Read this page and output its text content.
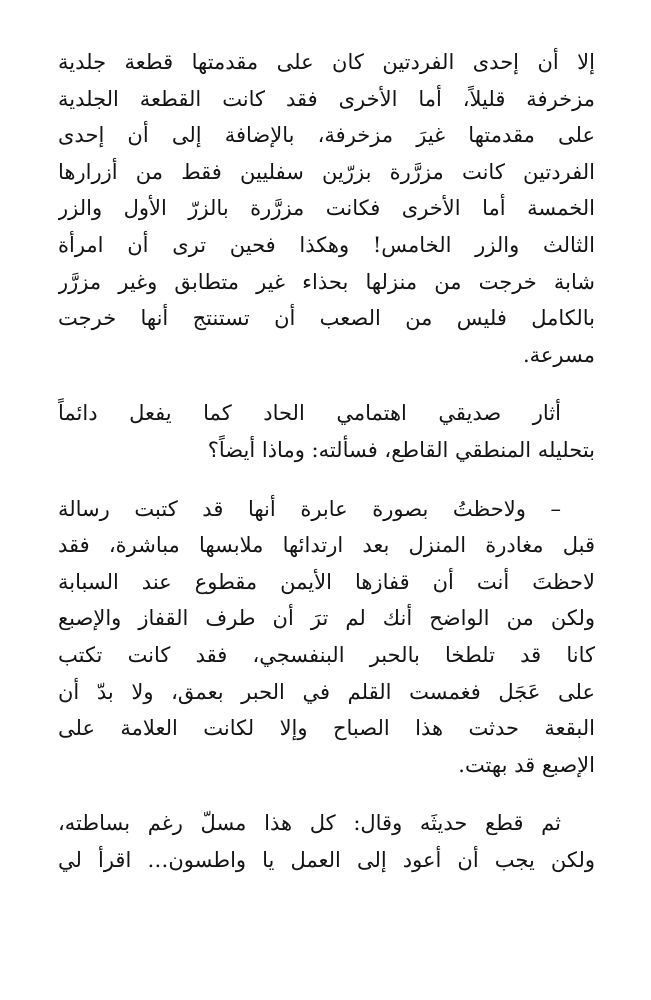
إلا أن إحدى الفردتين كان على مقدمتها قطعة جلدية
مزخرفة قليلاً، أما الأخرى فقد كانت القطعة الجلدية
على مقدمتها غيرَ مزخرفة، بالإضافة إلى أن إحدى
الفردتين كانت مزرَّرة بزرّين سفليين فقط من أزرارها
الخمسة أما الأخرى فكانت مزرَّرة بالزرّ الأول والزر
الثالث والزر الخامس! وهكذا فحين ترى أن امرأة
شابة خرجت من منزلها بحذاء غير متطابق وغير مزرَّر
بالكامل فليس من الصعب أن تستنتج أنها خرجت
مسرعة.

أثار صديقي اهتمامي الحاد كما يفعل دائماً
بتحليله المنطقي القاطع، فسألته: وماذا أيضاً؟

– ولاحظتُ بصورة عابرة أنها قد كتبت رسالة
قبل مغادرة المنزل بعد ارتدائها ملابسها مباشرة، فقد
لاحظتَ أنت أن قفازها الأيمن مقطوع عند السبابة
ولكن من الواضح أنك لم ترَ أن طرف القفاز والإصبع
كانا قد تلطخا بالحبر البنفسجي، فقد كانت تكتب
على عَجَل فغمست القلم في الحبر بعمق، ولا بدّ أن
البقعة حدثت هذا الصباح وإلا لكانت العلامة على
الإصبع قد بهتت.

ثم قطع حديثَه وقال: كل هذا مسلّ رغم بساطته،
ولكن يجب أن أعود إلى العمل يا واطسون… اقرأ لي
